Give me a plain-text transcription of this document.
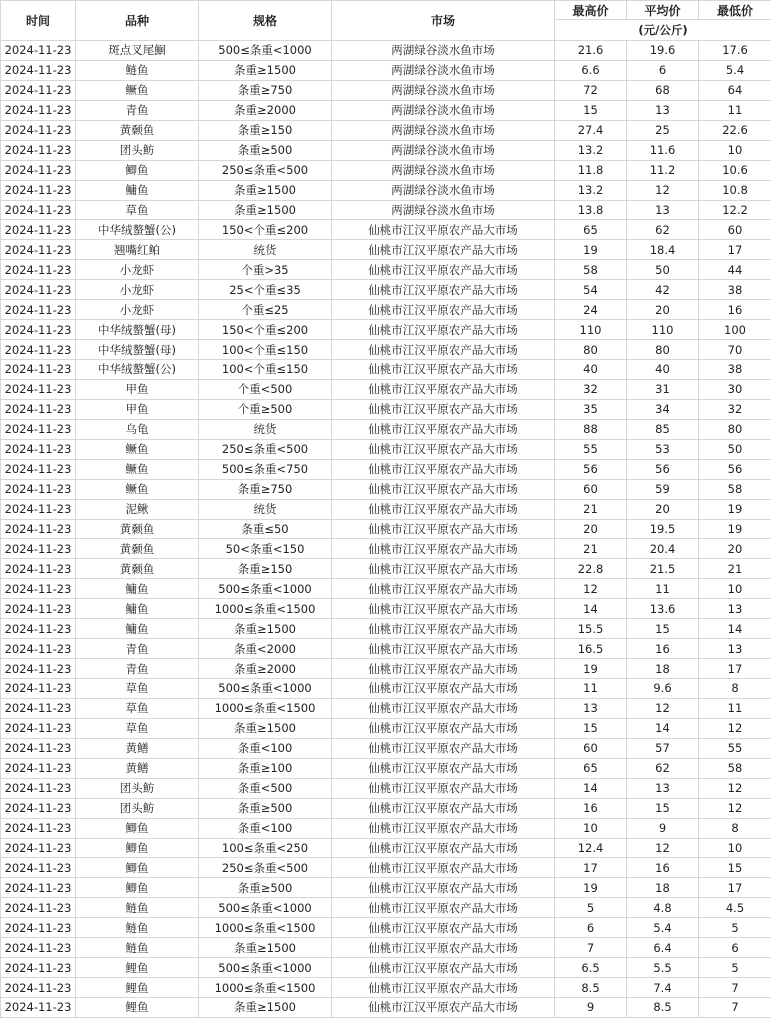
时间	品种	规格	市场	最高价	平均价	最低价
				(元/公斤)		
2024-11-23	斑点叉尾鮰	500≤条重<1000	两湖绿谷淡水鱼市场	21.6	19.6	17.6
2024-11-23	鲢鱼	条重≥1500	两湖绿谷淡水鱼市场	6.6	6	5.4
2024-11-23	鳜鱼	条重≥750	两湖绿谷淡水鱼市场	72	68	64
2024-11-23	青鱼	条重≥2000	两湖绿谷淡水鱼市场	15	13	11
2024-11-23	黄颡鱼	条重≥150	两湖绿谷淡水鱼市场	27.4	25	22.6
2024-11-23	团头鲂	条重≥500	两湖绿谷淡水鱼市场	13.2	11.6	10
2024-11-23	鲫鱼	250≤条重<500	两湖绿谷淡水鱼市场	11.8	11.2	10.6
2024-11-23	鳙鱼	条重≥1500	两湖绿谷淡水鱼市场	13.2	12	10.8
2024-11-23	草鱼	条重≥1500	两湖绿谷淡水鱼市场	13.8	13	12.2
2024-11-23	中华绒螯蟹(公)	150<个重≤200	仙桃市江汉平原农产品大市场	65	62	60
2024-11-23	翘嘴红鲌	统货	仙桃市江汉平原农产品大市场	19	18.4	17
2024-11-23	小龙虾	个重>35	仙桃市江汉平原农产品大市场	58	50	44
2024-11-23	小龙虾	25<个重≤35	仙桃市江汉平原农产品大市场	54	42	38
2024-11-23	小龙虾	个重≤25	仙桃市江汉平原农产品大市场	24	20	16
2024-11-23	中华绒螯蟹(母)	150<个重≤200	仙桃市江汉平原农产品大市场	110	110	100
2024-11-23	中华绒螯蟹(母)	100<个重≤150	仙桃市江汉平原农产品大市场	80	80	70
2024-11-23	中华绒螯蟹(公)	100<个重≤150	仙桃市江汉平原农产品大市场	40	40	38
2024-11-23	甲鱼	个重<500	仙桃市江汉平原农产品大市场	32	31	30
2024-11-23	甲鱼	个重≥500	仙桃市江汉平原农产品大市场	35	34	32
2024-11-23	乌龟	统货	仙桃市江汉平原农产品大市场	88	85	80
2024-11-23	鳜鱼	250≤条重<500	仙桃市江汉平原农产品大市场	55	53	50
2024-11-23	鳜鱼	500≤条重<750	仙桃市江汉平原农产品大市场	56	56	56
2024-11-23	鳜鱼	条重≥750	仙桃市江汉平原农产品大市场	60	59	58
2024-11-23	泥鳅	统货	仙桃市江汉平原农产品大市场	21	20	19
2024-11-23	黄颡鱼	条重≤50	仙桃市江汉平原农产品大市场	20	19.5	19
2024-11-23	黄颡鱼	50<条重<150	仙桃市江汉平原农产品大市场	21	20.4	20
2024-11-23	黄颡鱼	条重≥150	仙桃市江汉平原农产品大市场	22.8	21.5	21
2024-11-23	鳙鱼	500≤条重<1000	仙桃市江汉平原农产品大市场	12	11	10
2024-11-23	鳙鱼	1000≤条重<1500	仙桃市江汉平原农产品大市场	14	13.6	13
2024-11-23	鳙鱼	条重≥1500	仙桃市江汉平原农产品大市场	15.5	15	14
2024-11-23	青鱼	条重<2000	仙桃市江汉平原农产品大市场	16.5	16	13
2024-11-23	青鱼	条重≥2000	仙桃市江汉平原农产品大市场	19	18	17
2024-11-23	草鱼	500≤条重<1000	仙桃市江汉平原农产品大市场	11	9.6	8
2024-11-23	草鱼	1000≤条重<1500	仙桃市江汉平原农产品大市场	13	12	11
2024-11-23	草鱼	条重≥1500	仙桃市江汉平原农产品大市场	15	14	12
2024-11-23	黄鳝	条重<100	仙桃市江汉平原农产品大市场	60	57	55
2024-11-23	黄鳝	条重≥100	仙桃市江汉平原农产品大市场	65	62	58
2024-11-23	团头鲂	条重<500	仙桃市江汉平原农产品大市场	14	13	12
2024-11-23	团头鲂	条重≥500	仙桃市江汉平原农产品大市场	16	15	12
2024-11-23	鲫鱼	条重<100	仙桃市江汉平原农产品大市场	10	9	8
2024-11-23	鲫鱼	100≤条重<250	仙桃市江汉平原农产品大市场	12.4	12	10
2024-11-23	鲫鱼	250≤条重<500	仙桃市江汉平原农产品大市场	17	16	15
2024-11-23	鲫鱼	条重≥500	仙桃市江汉平原农产品大市场	19	18	17
2024-11-23	鲢鱼	500≤条重<1000	仙桃市江汉平原农产品大市场	5	4.8	4.5
2024-11-23	鲢鱼	1000≤条重<1500	仙桃市江汉平原农产品大市场	6	5.4	5
2024-11-23	鲢鱼	条重≥1500	仙桃市江汉平原农产品大市场	7	6.4	6
2024-11-23	鲤鱼	500≤条重<1000	仙桃市江汉平原农产品大市场	6.5	5.5	5
2024-11-23	鲤鱼	1000≤条重<1500	仙桃市江汉平原农产品大市场	8.5	7.4	7
2024-11-23	鲤鱼	条重≥1500	仙桃市江汉平原农产品大市场	9	8.5	7
